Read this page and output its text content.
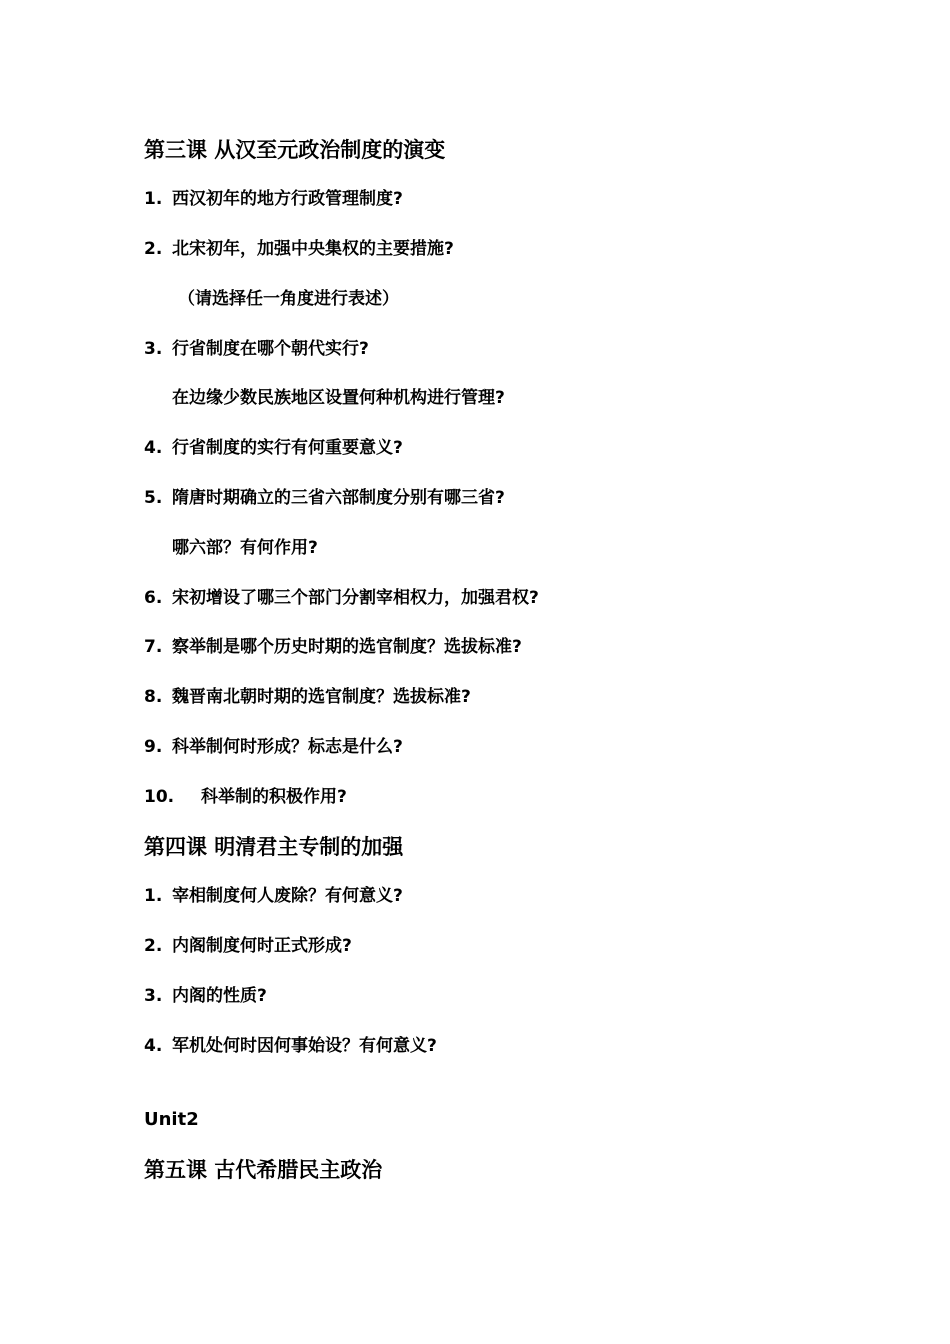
第三课 从汉至元政治制度的演变
1. 西汉初年的地方行政管理制度?
2. 北宋初年，加强中央集权的主要措施?
（请选择任一角度进行表述）
3. 行省制度在哪个朝代实行?
在边缘少数民族地区设置何种机构进行管理?
4. 行省制度的实行有何重要意义?
5. 隋唐时期确立的三省六部制度分别有哪三省?
哪六部？有何作用?
6. 宋初增设了哪三个部门分割宰相权力，加强君权?
7. 察举制是哪个历史时期的选官制度？选拔标准?
8. 魏晋南北朝时期的选官制度？选拔标准?
9. 科举制何时形成？标志是什么?
10. 科举制的积极作用?
第四课 明清君主专制的加强
1. 宰相制度何人废除？有何意义?
2. 内阁制度何时正式形成?
3. 内阁的性质?
4. 军机处何时因何事始设？有何意义?
Unit2
第五课 古代希腊民主政治
